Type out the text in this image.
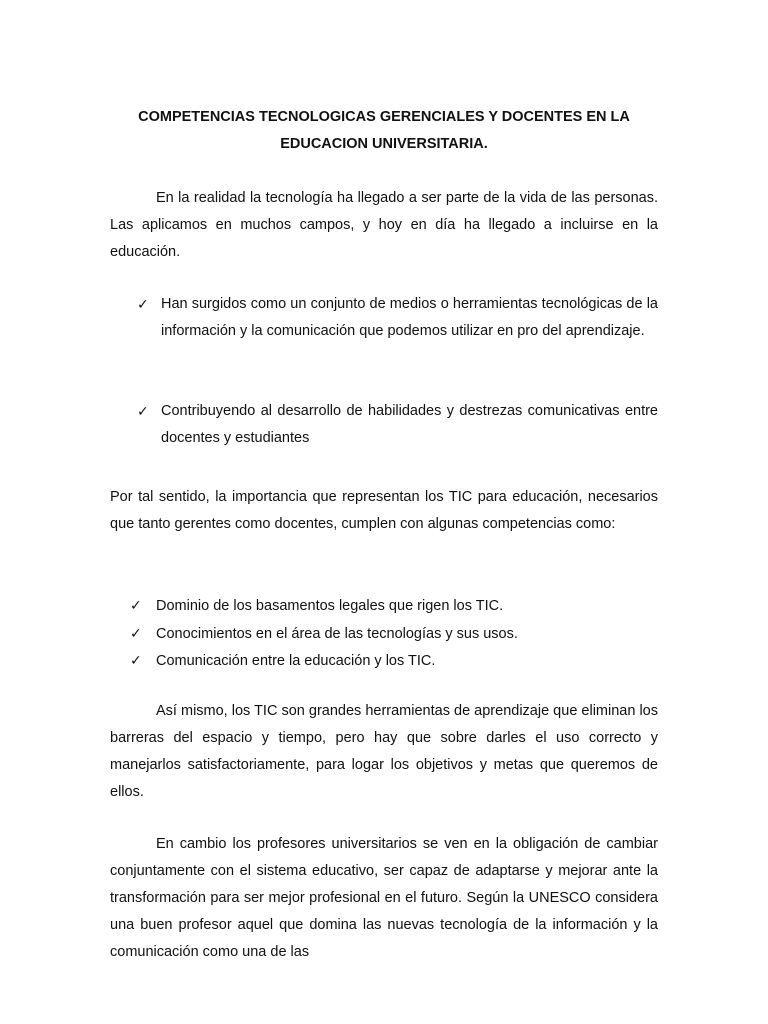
COMPETENCIAS TECNOLOGICAS GERENCIALES Y DOCENTES EN LA
EDUCACION UNIVERSITARIA.
En la realidad la tecnología ha llegado a ser parte de la vida de las personas. Las aplicamos en muchos campos, y hoy en día ha llegado a incluirse en la educación.
✓ Han surgidos como un conjunto de medios o herramientas tecnológicas de la información y la comunicación que podemos utilizar en pro del aprendizaje.
✓ Contribuyendo al desarrollo de habilidades y destrezas comunicativas entre docentes y estudiantes
Por tal sentido, la importancia que representan los TIC para educación, necesarios que tanto gerentes como docentes, cumplen con algunas competencias como:
✓ Dominio de los basamentos legales que rigen los TIC.
✓ Conocimientos en el área de las tecnologías y sus usos.
✓ Comunicación entre la educación y los TIC.
Así mismo, los TIC son grandes herramientas de aprendizaje que eliminan los barreras del espacio y tiempo, pero hay que sobre darles el uso correcto y manejarlos satisfactoriamente, para logar los objetivos y metas que queremos de ellos.
En cambio los profesores universitarios se ven en la obligación de cambiar conjuntamente con el sistema educativo, ser capaz de adaptarse y mejorar ante la transformación para ser mejor profesional en el futuro. Según la UNESCO considera una buen profesor aquel que domina las nuevas tecnología de la información y la comunicación como una de las
